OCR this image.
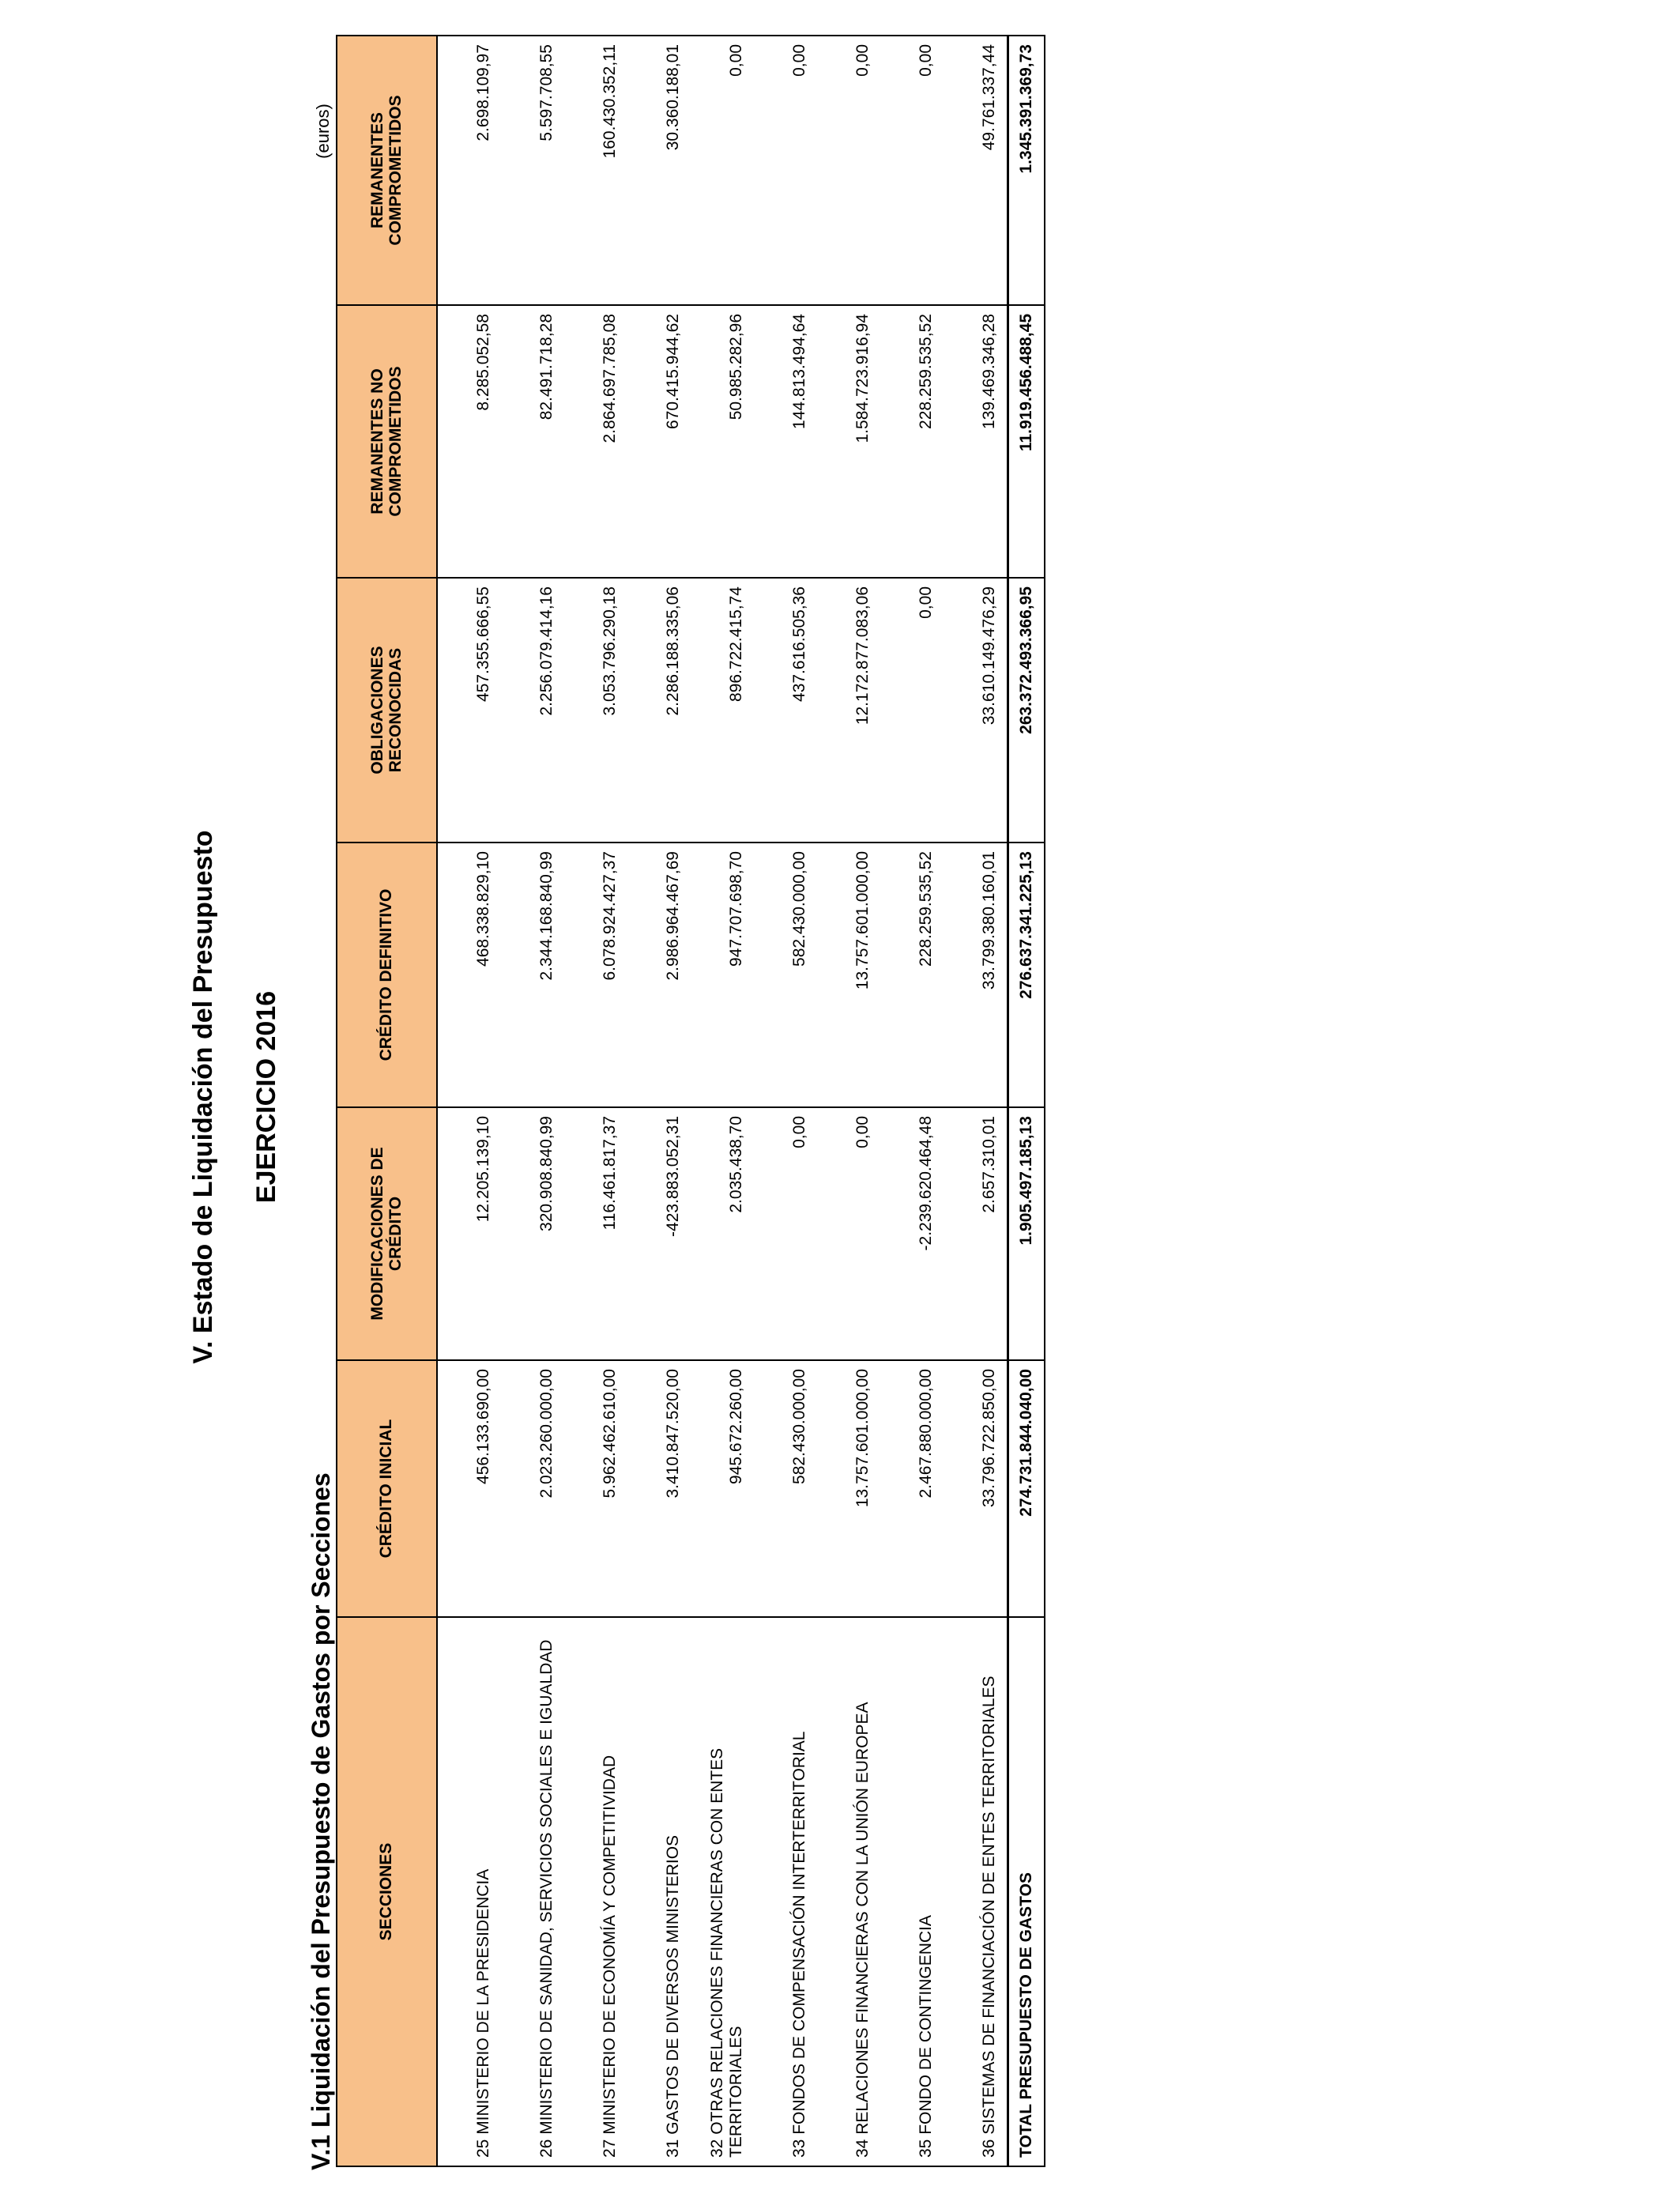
V. Estado de Liquidación del Presupuesto EJERCICIO 2016
V.1 Liquidación del Presupuesto de Gastos por Secciones
(euros)
SECCIONES	CRÉDITO INICIAL	MODIFICACIONES DE CRÉDITO	CRÉDITO DEFINITIVO	OBLIGACIONES RECONOCIDAS	REMANENTES NO COMPROMETIDOS	REMANENTES COMPROMETIDOS
25 MINISTERIO DE LA PRESIDENCIA	456.133.690,00	12.205.139,10	468.338.829,10	457.355.666,55	8.285.052,58	2.698.109,97
26 MINISTERIO DE SANIDAD, SERVICIOS SOCIALES E IGUALDAD	2.023.260.000,00	320.908.840,99	2.344.168.840,99	2.256.079.414,16	82.491.718,28	5.597.708,55
27 MINISTERIO DE ECONOMÍA Y COMPETITIVIDAD	5.962.462.610,00	116.461.817,37	6.078.924.427,37	3.053.796.290,18	2.864.697.785,08	160.430.352,11
31 GASTOS DE DIVERSOS MINISTERIOS	3.410.847.520,00	-423.883.052,31	2.986.964.467,69	2.286.188.335,06	670.415.944,62	30.360.188,01
32 OTRAS RELACIONES FINANCIERAS CON ENTES TERRITORIALES	945.672.260,00	2.035.438,70	947.707.698,70	896.722.415,74	50.985.282,96	0,00
33 FONDOS DE COMPENSACIÓN INTERTERRITORIAL	582.430.000,00	0,00	582.430.000,00	437.616.505,36	144.813.494,64	0,00
34 RELACIONES FINANCIERAS CON LA UNIÓN EUROPEA	13.757.601.000,00	0,00	13.757.601.000,00	12.172.877.083,06	1.584.723.916,94	0,00
35 FONDO DE CONTINGENCIA	2.467.880.000,00	-2.239.620.464,48	228.259.535,52	0,00	228.259.535,52	0,00
36 SISTEMAS DE FINANCIACIÓN DE ENTES TERRITORIALES	33.796.722.850,00	2.657.310,01	33.799.380.160,01	33.610.149.476,29	139.469.346,28	49.761.337,44
TOTAL PRESUPUESTO DE GASTOS	274.731.844.040,00	1.905.497.185,13	276.637.341.225,13	263.372.493.366,95	11.919.456.488,45	1.345.391.369,73
